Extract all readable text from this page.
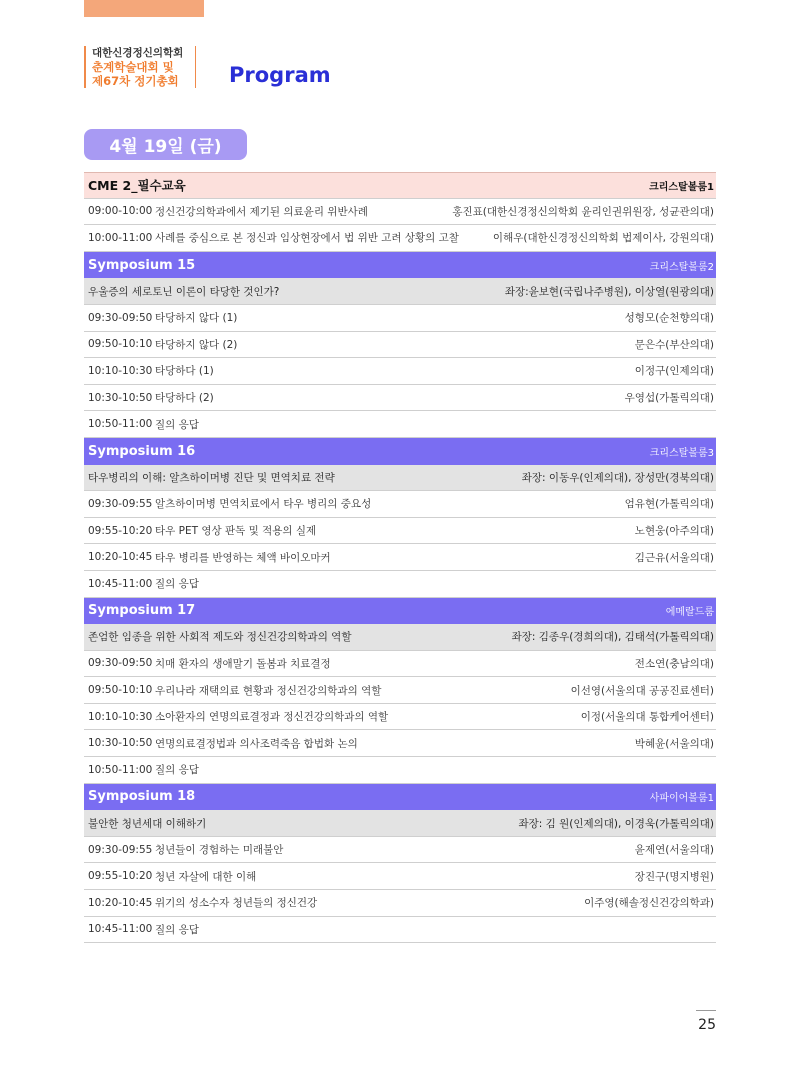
대한신경정신의학회
춘계학술대회 및
제67차 정기총회 Program
4월 19일 (금)
CME 2_필수교육	크리스탈볼룸1
09:00-10:00 정신건강의학과에서 제기된 의료윤리 위반사례	홍진표(대한신경정신의학회 윤리인권위원장, 성균관의대)
10:00-11:00 사례를 중심으로 본 정신과 임상현장에서 법 위반 고려 상황의 고찰	이해우(대한신경정신의학회 법제이사, 강원의대)
Symposium 15	크리스탈볼룸2
우울증의 세로토닌 이론이 타당한 것인가?	좌장:윤보현(국립나주병원), 이상열(원광의대)
09:30-09:50 타당하지 않다 (1)	성형모(순천향의대)
09:50-10:10 타당하지 않다 (2)	문은수(부산의대)
10:10-10:30 타당하다 (1)	이정구(인제의대)
10:30-10:50 타당하다 (2)	우영섭(가톨릭의대)
10:50-11:00 질의 응답
Symposium 16	크리스탈볼룸3
타우병리의 이해: 알츠하이머병 진단 및 면역치료 전략	좌장: 이동우(인제의대), 장성만(경북의대)
09:30-09:55 알츠하이머병 면역치료에서 타우 병리의 중요성	엄유현(가톨릭의대)
09:55-10:20 타우 PET 영상 판독 및 적용의 실제	노현웅(아주의대)
10:20-10:45 타우 병리를 반영하는 체액 바이오마커	김근유(서울의대)
10:45-11:00 질의 응답
Symposium 17	에메랄드룸
존엄한 임종을 위한 사회적 제도와 정신건강의학과의 역할	좌장: 김종우(경희의대), 김태석(가톨릭의대)
09:30-09:50 치매 환자의 생애말기 돌봄과 치료결정	전소연(충남의대)
09:50-10:10 우리나라 재택의료 현황과 정신건강의학과의 역할	이선영(서울의대 공공진료센터)
10:10-10:30 소아환자의 연명의료결정과 정신건강의학과의 역할	이정(서울의대 통합케어센터)
10:30-10:50 연명의료결정법과 의사조력죽음 합법화 논의	박혜윤(서울의대)
10:50-11:00 질의 응답
Symposium 18	사파이어볼룸1
불안한 청년세대 이해하기	좌장: 김 원(인제의대), 이경욱(가톨릭의대)
09:30-09:55 청년들이 경험하는 미래불안	윤제연(서울의대)
09:55-10:20 청년 자살에 대한 이해	장진구(명지병원)
10:20-10:45 위기의 성소수자 청년들의 정신건강	이주영(해솔정신건강의학과)
10:45-11:00 질의 응답
25
